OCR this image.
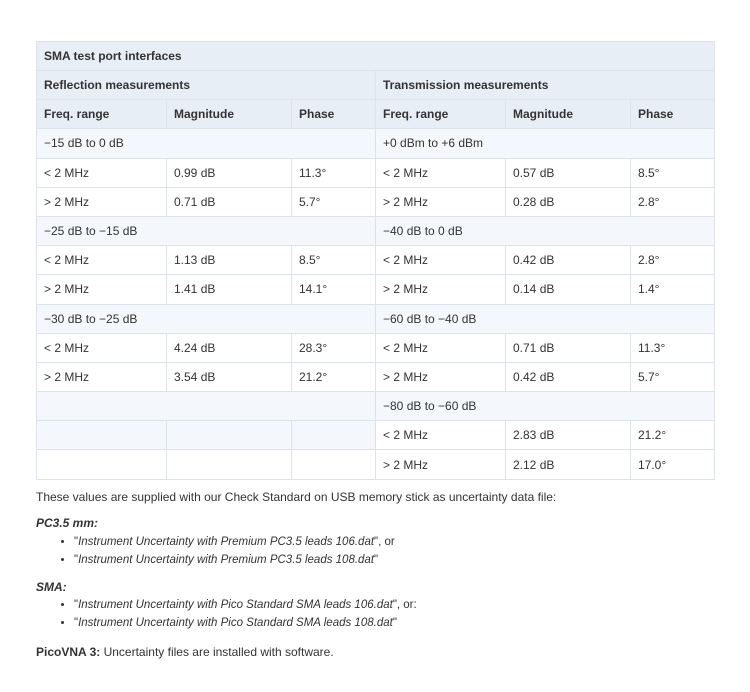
SMA test port interfaces					
Reflection measurements			Transmission measurements		
Freq. range	Magnitude	Phase	Freq. range	Magnitude	Phase
−15 dB to 0 dB			+0 dBm to +6 dBm		
< 2 MHz	0.99 dB	11.3°	< 2 MHz	0.57 dB	8.5°
> 2 MHz	0.71 dB	5.7°	> 2 MHz	0.28 dB	2.8°
−25 dB to −15 dB			−40 dB to 0 dB		
< 2 MHz	1.13 dB	8.5°	< 2 MHz	0.42 dB	2.8°
> 2 MHz	1.41 dB	14.1°	> 2 MHz	0.14 dB	1.4°
−30 dB to −25 dB			−60 dB to −40 dB		
< 2 MHz	4.24 dB	28.3°	< 2 MHz	0.71 dB	11.3°
> 2 MHz	3.54 dB	21.2°	> 2 MHz	0.42 dB	5.7°
			−80 dB to −60 dB		
			< 2 MHz	2.83 dB	21.2°
			> 2 MHz	2.12 dB	17.0°
These values are supplied with our Check Standard on USB memory stick as uncertainty data file:
PC3.5 mm:
• "Instrument Uncertainty with Premium PC3.5 leads 106.dat", or
• "Instrument Uncertainty with Premium PC3.5 leads 108.dat"
SMA:
• "Instrument Uncertainty with Pico Standard SMA leads 106.dat", or:
• "Instrument Uncertainty with Pico Standard SMA leads 108.dat"
PicoVNA 3: Uncertainty files are installed with software.
